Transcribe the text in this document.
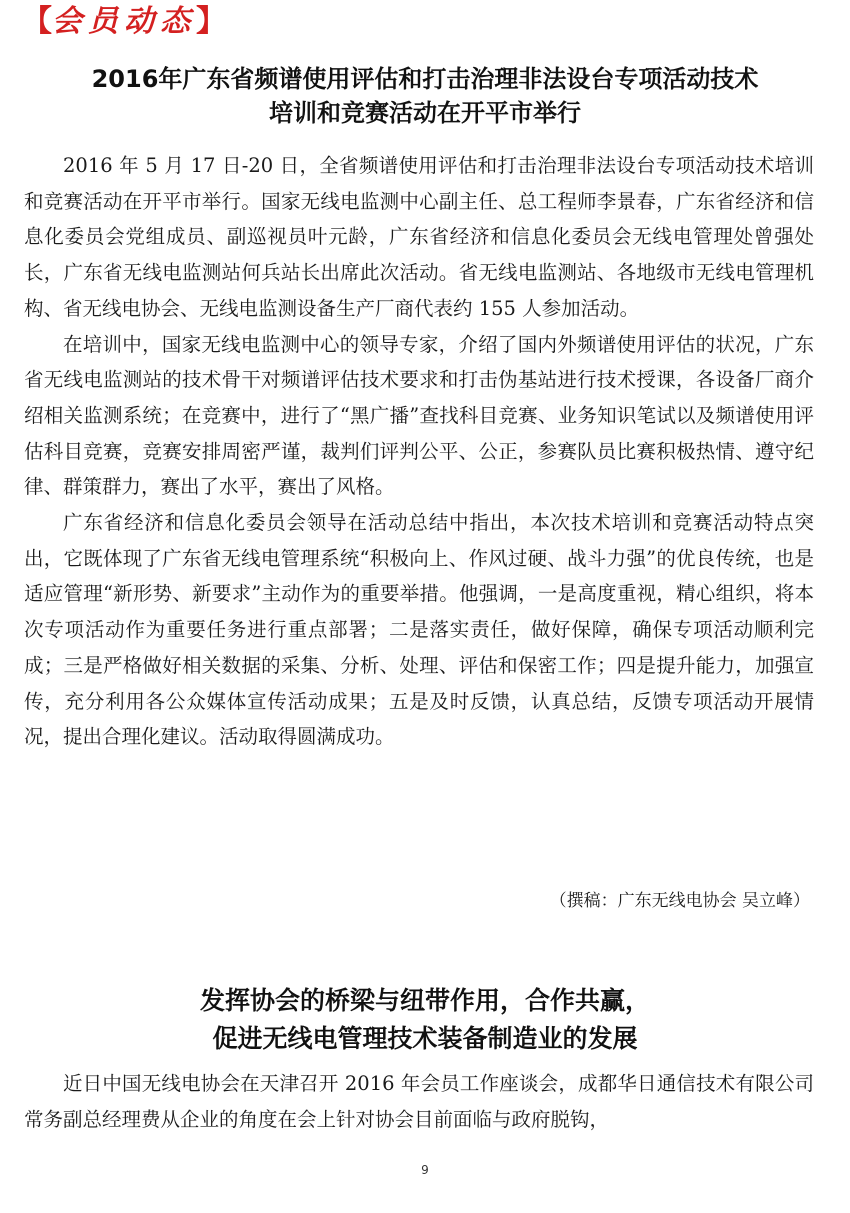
【会员动态】
2016年广东省频谱使用评估和打击治理非法设台专项活动技术
培训和竞赛活动在开平市举行

2016 年 5 月 17 日-20 日，全省频谱使用评估和打击治理非法设台专项活动技术培训和竞赛活动在开平市举行。国家无线电监测中心副主任、总工程师李景春，广东省经济和信息化委员会党组成员、副巡视员叶元龄，广东省经济和信息化委员会无线电管理处曾强处长，广东省无线电监测站何兵站长出席此次活动。省无线电监测站、各地级市无线电管理机构、省无线电协会、无线电监测设备生产厂商代表约 155 人参加活动。

在培训中，国家无线电监测中心的领导专家，介绍了国内外频谱使用评估的状况，广东省无线电监测站的技术骨干对频谱评估技术要求和打击伪基站进行技术授课，各设备厂商介绍相关监测系统；在竞赛中，进行了“黑广播”查找科目竞赛、业务知识笔试以及频谱使用评估科目竞赛，竞赛安排周密严谨，裁判们评判公平、公正，参赛队员比赛积极热情、遵守纪律、群策群力，赛出了水平，赛出了风格。

广东省经济和信息化委员会领导在活动总结中指出，本次技术培训和竞赛活动特点突出，它既体现了广东省无线电管理系统“积极向上、作风过硬、战斗力强”的优良传统，也是适应管理“新形势、新要求”主动作为的重要举措。他强调，一是高度重视，精心组织，将本次专项活动作为重要任务进行重点部署；二是落实责任，做好保障，确保专项活动顺利完成；三是严格做好相关数据的采集、分析、处理、评估和保密工作；四是提升能力，加强宣传，充分利用各公众媒体宣传活动成果；五是及时反馈，认真总结，反馈专项活动开展情况，提出合理化建议。活动取得圆满成功。

（撰稿：广东无线电协会 吴立峰）
发挥协会的桥梁与纽带作用，合作共赢，
促进无线电管理技术装备制造业的发展

近日中国无线电协会在天津召开 2016 年会员工作座谈会，成都华日通信技术有限公司常务副总经理费从企业的角度在会上针对协会目前面临与政府脱钩，

9
